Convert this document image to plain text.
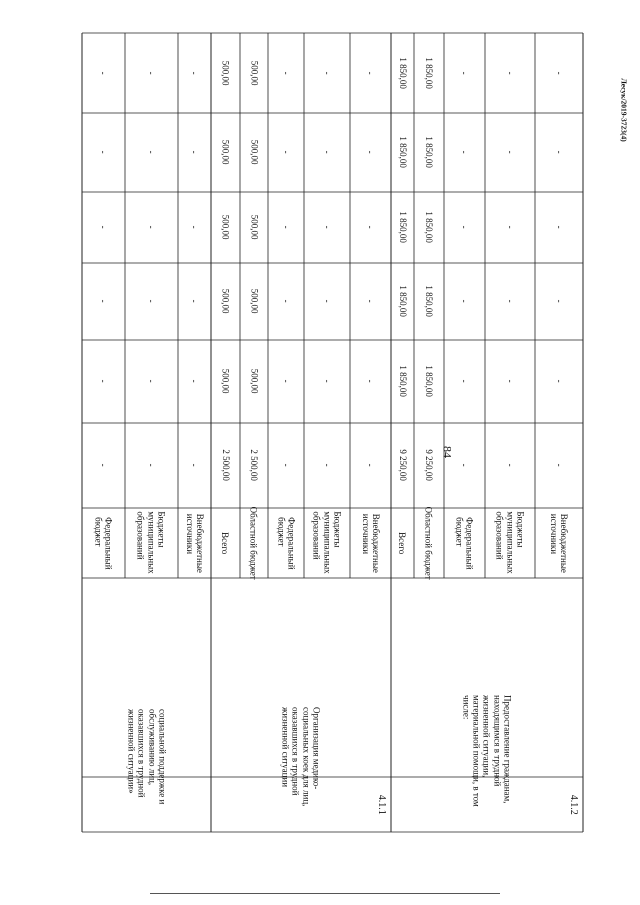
84
Лесук/2019-3723(4)
социальной поддержке и
обслуживанию лиц,
оказавшихся в трудной
жизненной ситуации»
Федеральный
бюджет
-
-
-
-
-
-
Бюджеты
муниципальных
образований
-
-
-
-
-
-
Внебюджетные
источники
-
-
-
-
-
-
4.1.1
Организация медико-
социальных коек для лиц,
оказавшихся в трудной
жизненной ситуации
Всего
2 500,00
500,00
500,00
500,00
500,00
500,00
Областной бюджет
2 500,00
500,00
500,00
500,00
500,00
500,00
Федеральный
бюджет
-
-
-
-
-
-
Бюджеты
муниципальных
образований
-
-
-
-
-
-
Внебюджетные
источники
-
-
-
-
-
-
4.1.2
Предоставление гражданам,
находящимся в трудной
жизненной ситуации,
материальной помощи, в том
числе:
Всего
9 250,00
1 850,00
1 850,00
1 850,00
1 850,00
1 850,00
Областной бюджет
9 250,00
1 850,00
1 850,00
1 850,00
1 850,00
1 850,00
Федеральный
бюджет
-
-
-
-
-
-
Бюджеты
муниципальных
образований
-
-
-
-
-
-
Внебюджетные
источники
-
-
-
-
-
-
